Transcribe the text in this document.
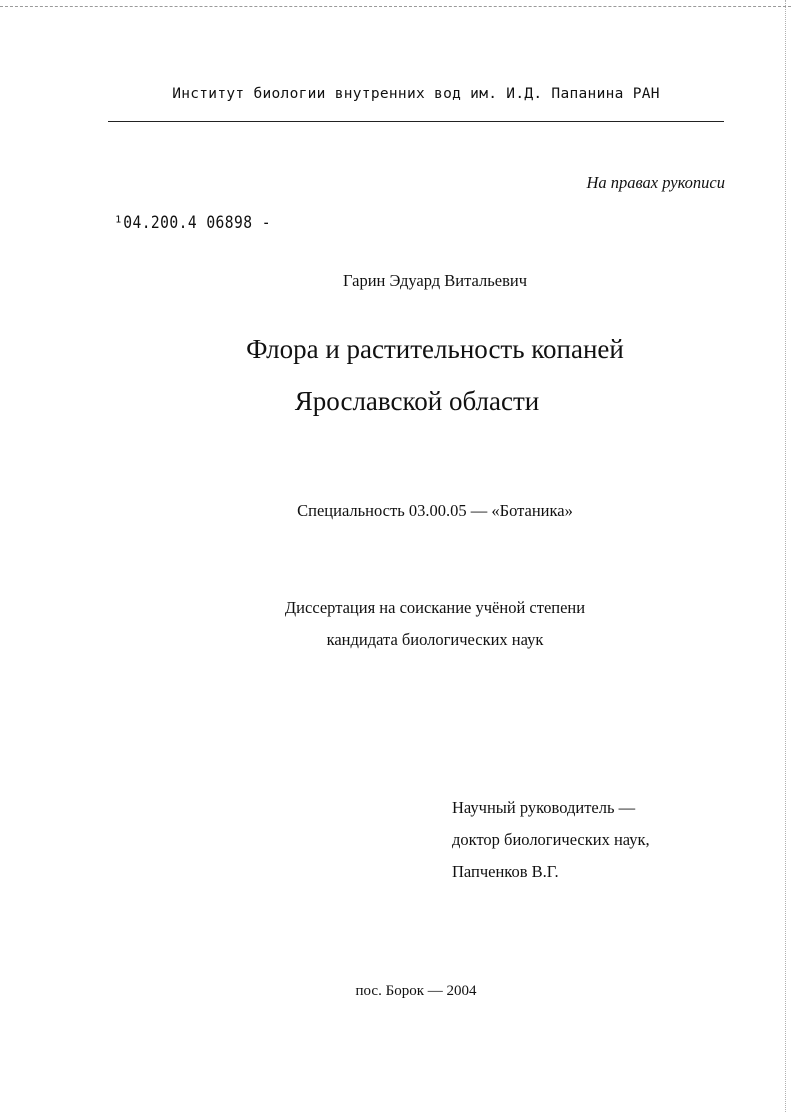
Институт биологии внутренних вод им. И.Д. Папанина РАН
На правах рукописи
¹04.200.4 06898 -
Гарин Эдуард Витальевич
Флора и растительность копаней
Ярославской области
Специальность 03.00.05 — «Ботаника»
Диссертация на соискание учёной степени
кандидата биологических наук
Научный руководитель —
доктор биологических наук,
Папченков В.Г.
пос. Борок — 2004
